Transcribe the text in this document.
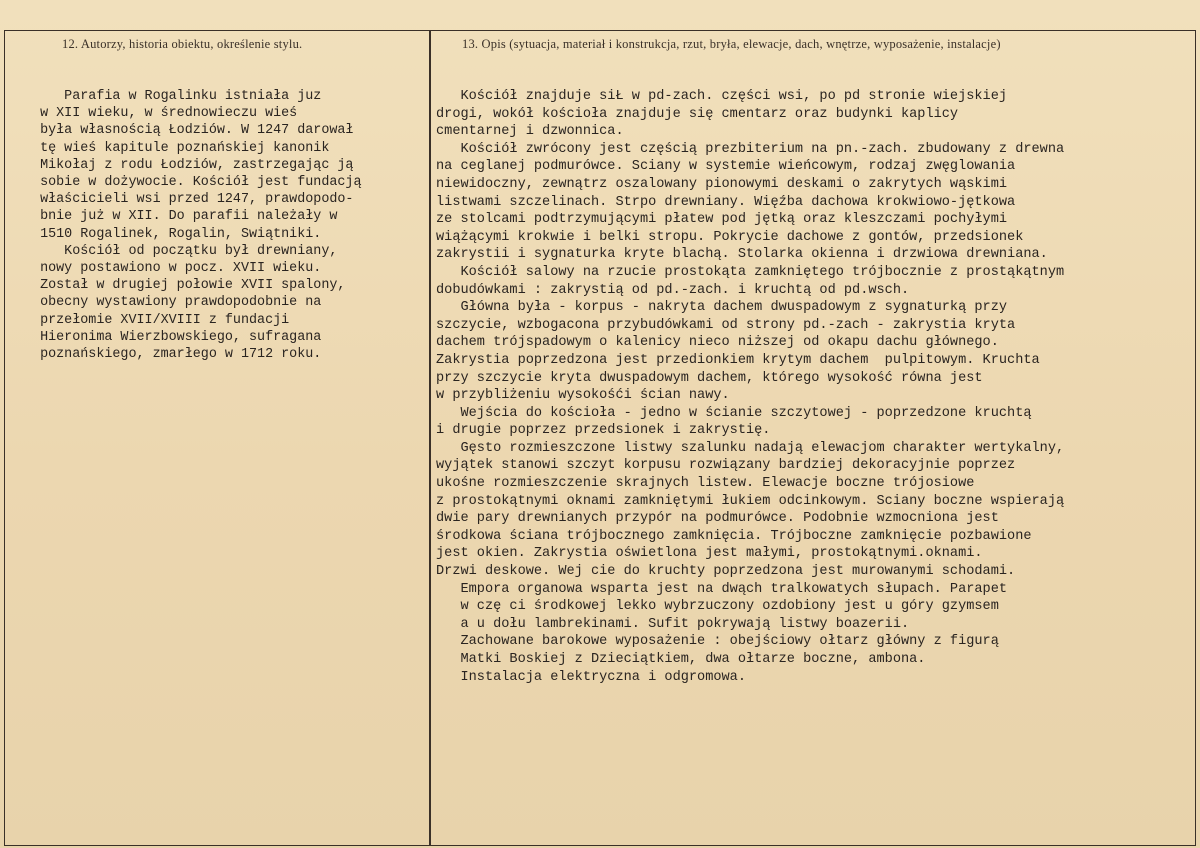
12. Autorzy, historia obiektu, określenie stylu.	13. Opis (sytuacja, materiał i konstrukcja, rzut, bryła, elewacje, dach, wnętrze, wyposażenie, instalacje)
Parafia w Rogalinku istniała juz
w XII wieku, w średnowieczu wieś
była własnością Łodziów. W 1247 darował
tę wieś kapitule poznańskiej kanonik
Mikołaj z rodu Łodziów, zastrzegając ją
sobie w dożywocie. Kościół jest fundacją
właścicieli wsi przed 1247, prawdopodo-
bnie już w XII. Do parafii należały w
1510 Rogalinek, Rogalin, Swiątniki.
Kościół od początku był drewniany,
nowy postawiono w pocz. XVII wieku.
Został w drugiej połowie XVII spalony,
obecny wystawiony prawdopodobnie na
przełomie XVII/XVIII z fundacji
Hieronima Wierzbowskiego, sufragana
poznańskiego, zmarłego w 1712 roku.
Kościół znajduje siŁ w pd-zach. części wsi, po pd stronie wiejskiej
drogi, wokół kościoła znajduje się cmentarz oraz budynki kaplicy
cmentarnej i dzwonnica.
Kościół zwrócony jest częścią prezbiterium na pn.-zach. zbudowany z drewna
na ceglanej podmurówce. Sciany w systemie wieńcowym, rodzaj zwęglowania
niewidoczny, zewnątrz oszalowany pionowymi deskami o zakrytych wąskimi
listwami szczelinach. Strpo drewniany. Więźba dachowa krokwiowo-jętkowa
ze stolcami podtrzymującymi płatew pod jętką oraz kleszczami pochyłymi
wiążącymi krokwie i belki stropu. Pokrycie dachowe z gontów, przedsionek
zakrystii i sygnaturka kryte blachą. Stolarka okienna i drzwiowa drewniana.
Kościół salowy na rzucie prostokąta zamkniętego trójbocznie z prostąkątnym
dobudówkami : zakrystią od pd.-zach. i kruchtą od pd.wsch.
Główna była - korpus - nakryta dachem dwuspadowym z sygnaturką przy
szczycie, wzbogacona przybudówkami od strony pd.-zach - zakrystia kryta
dachem trójspadowym o kalenicy nieco niższej od okapu dachu głównego.
Zakrystia poprzedzona jest przedionkiem krytym dachem  pulpitowym. Kruchta
przy szczycie kryta dwuspadowym dachem, którego wysokość równa jest
w przybliżeniu wysokośći ścian nawy.
Wejścia do kościoła - jedno w ścianie szczytowej - poprzedzone kruchtą
i drugie poprzez przedsionek i zakrystię.
Gęsto rozmieszczone listwy szalunku nadają elewacjom charakter wertykalny,
wyjątek stanowi szczyt korpusu rozwiązany bardziej dekoracyjnie poprzez
ukośne rozmieszczenie skrajnych listew. Elewacje boczne trójosiowe
z prostokątnymi oknami zamkniętymi łukiem odcinkowym. Sciany boczne wspierają
dwie pary drewnianych przypór na podmurówce. Podobnie wzmocniona jest
środkowa ściana trójbocznego zamknięcia. Trójboczne zamknięcie pozbawione
jest okien. Zakrystia oświetlona jest małymi, prostokątnymi.oknami.
Drzwi deskowe. Wej cie do kruchty poprzedzona jest murowanymi schodami.
Empora organowa wsparta jest na dwąch tralkowatych słupach. Parapet
w czę ci środkowej lekko wybrzuczony ozdobiony jest u góry gzymsem
a u dołu lambrekinami. Sufit pokrywają listwy boazerii.
Zachowane barokowe wyposażenie : obejściowy ołtarz główny z figurą
Matki Boskiej z Dzieciątkiem, dwa ołtarze boczne, ambona.
Instalacja elektryczna i odgromowa.
